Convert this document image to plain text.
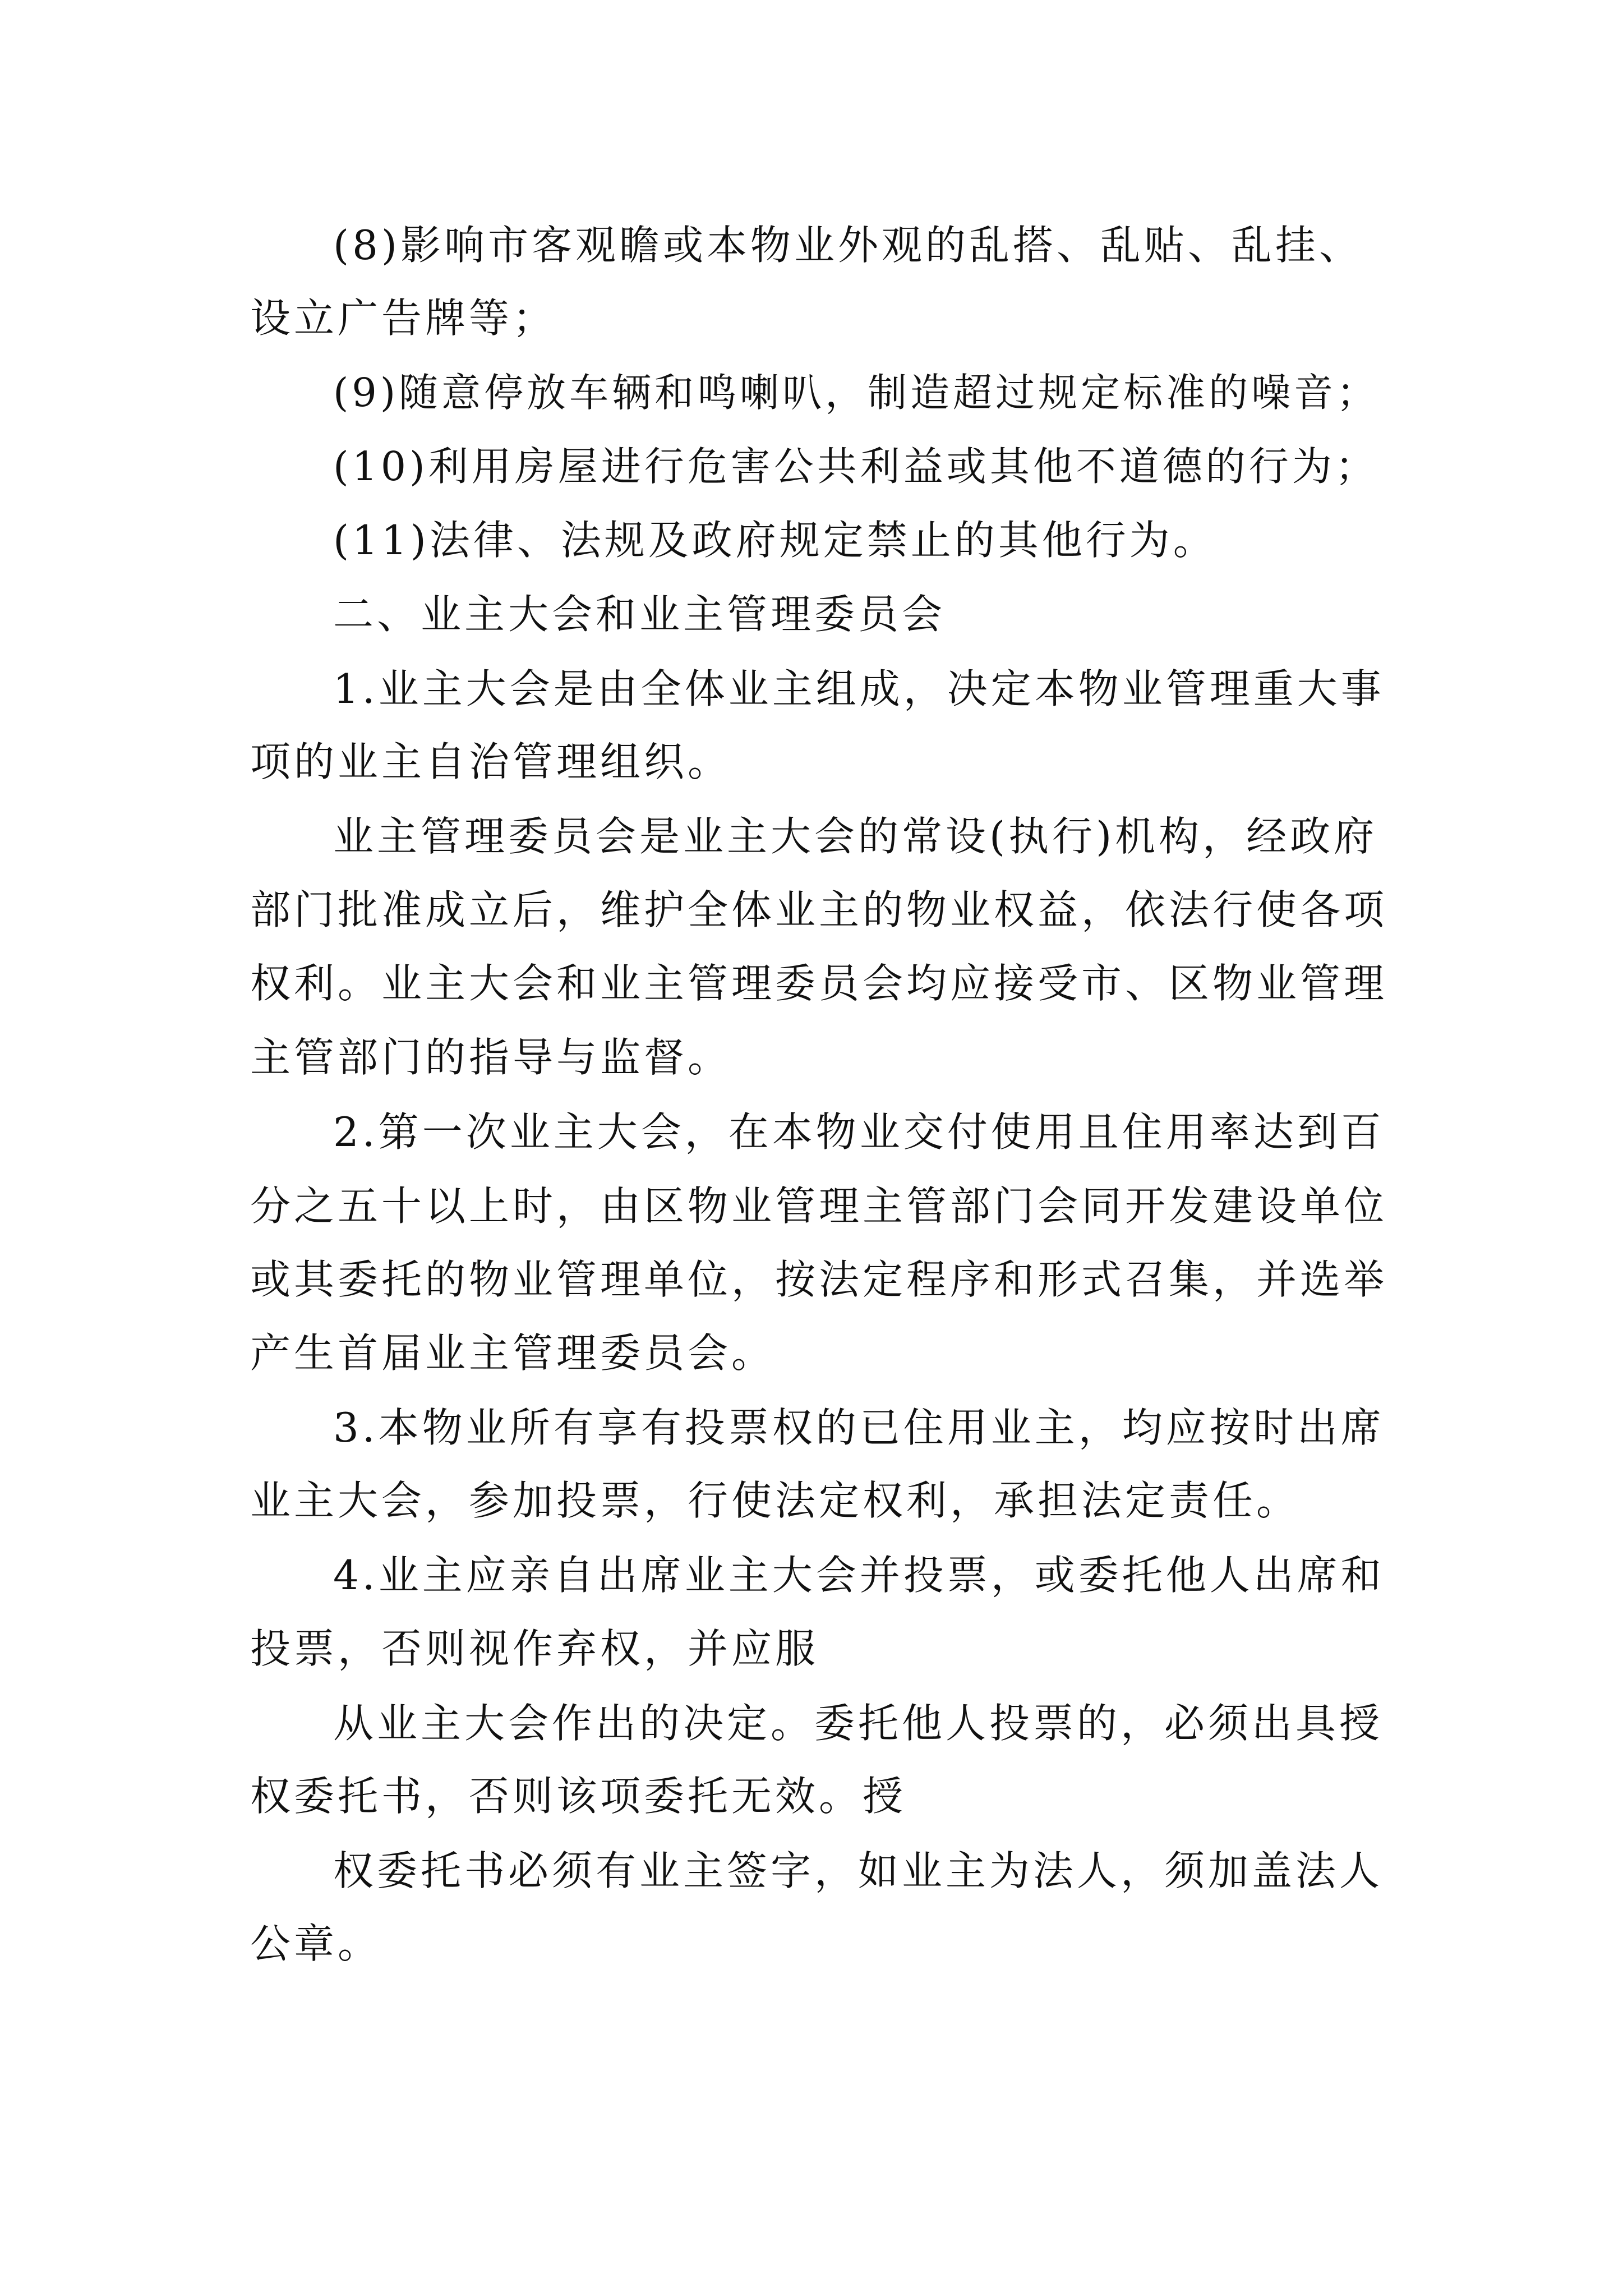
(8)影响市客观瞻或本物业外观的乱搭、乱贴、乱挂、
设立广告牌等；
(9)随意停放车辆和鸣喇叭，制造超过规定标准的噪音；
(10)利用房屋进行危害公共利益或其他不道德的行为；
(11)法律、法规及政府规定禁止的其他行为。
二、业主大会和业主管理委员会
1.业主大会是由全体业主组成，决定本物业管理重大事
项的业主自治管理组织。
业主管理委员会是业主大会的常设(执行)机构，经政府
部门批准成立后，维护全体业主的物业权益，依法行使各项
权利。业主大会和业主管理委员会均应接受市、区物业管理
主管部门的指导与监督。
2.第一次业主大会，在本物业交付使用且住用率达到百
分之五十以上时，由区物业管理主管部门会同开发建设单位
或其委托的物业管理单位，按法定程序和形式召集，并选举
产生首届业主管理委员会。
3.本物业所有享有投票权的已住用业主，均应按时出席
业主大会，参加投票，行使法定权利，承担法定责任。
4.业主应亲自出席业主大会并投票，或委托他人出席和
投票，否则视作弃权，并应服
从业主大会作出的决定。委托他人投票的，必须出具授
权委托书，否则该项委托无效。授
权委托书必须有业主签字，如业主为法人，须加盖法人
公章。
